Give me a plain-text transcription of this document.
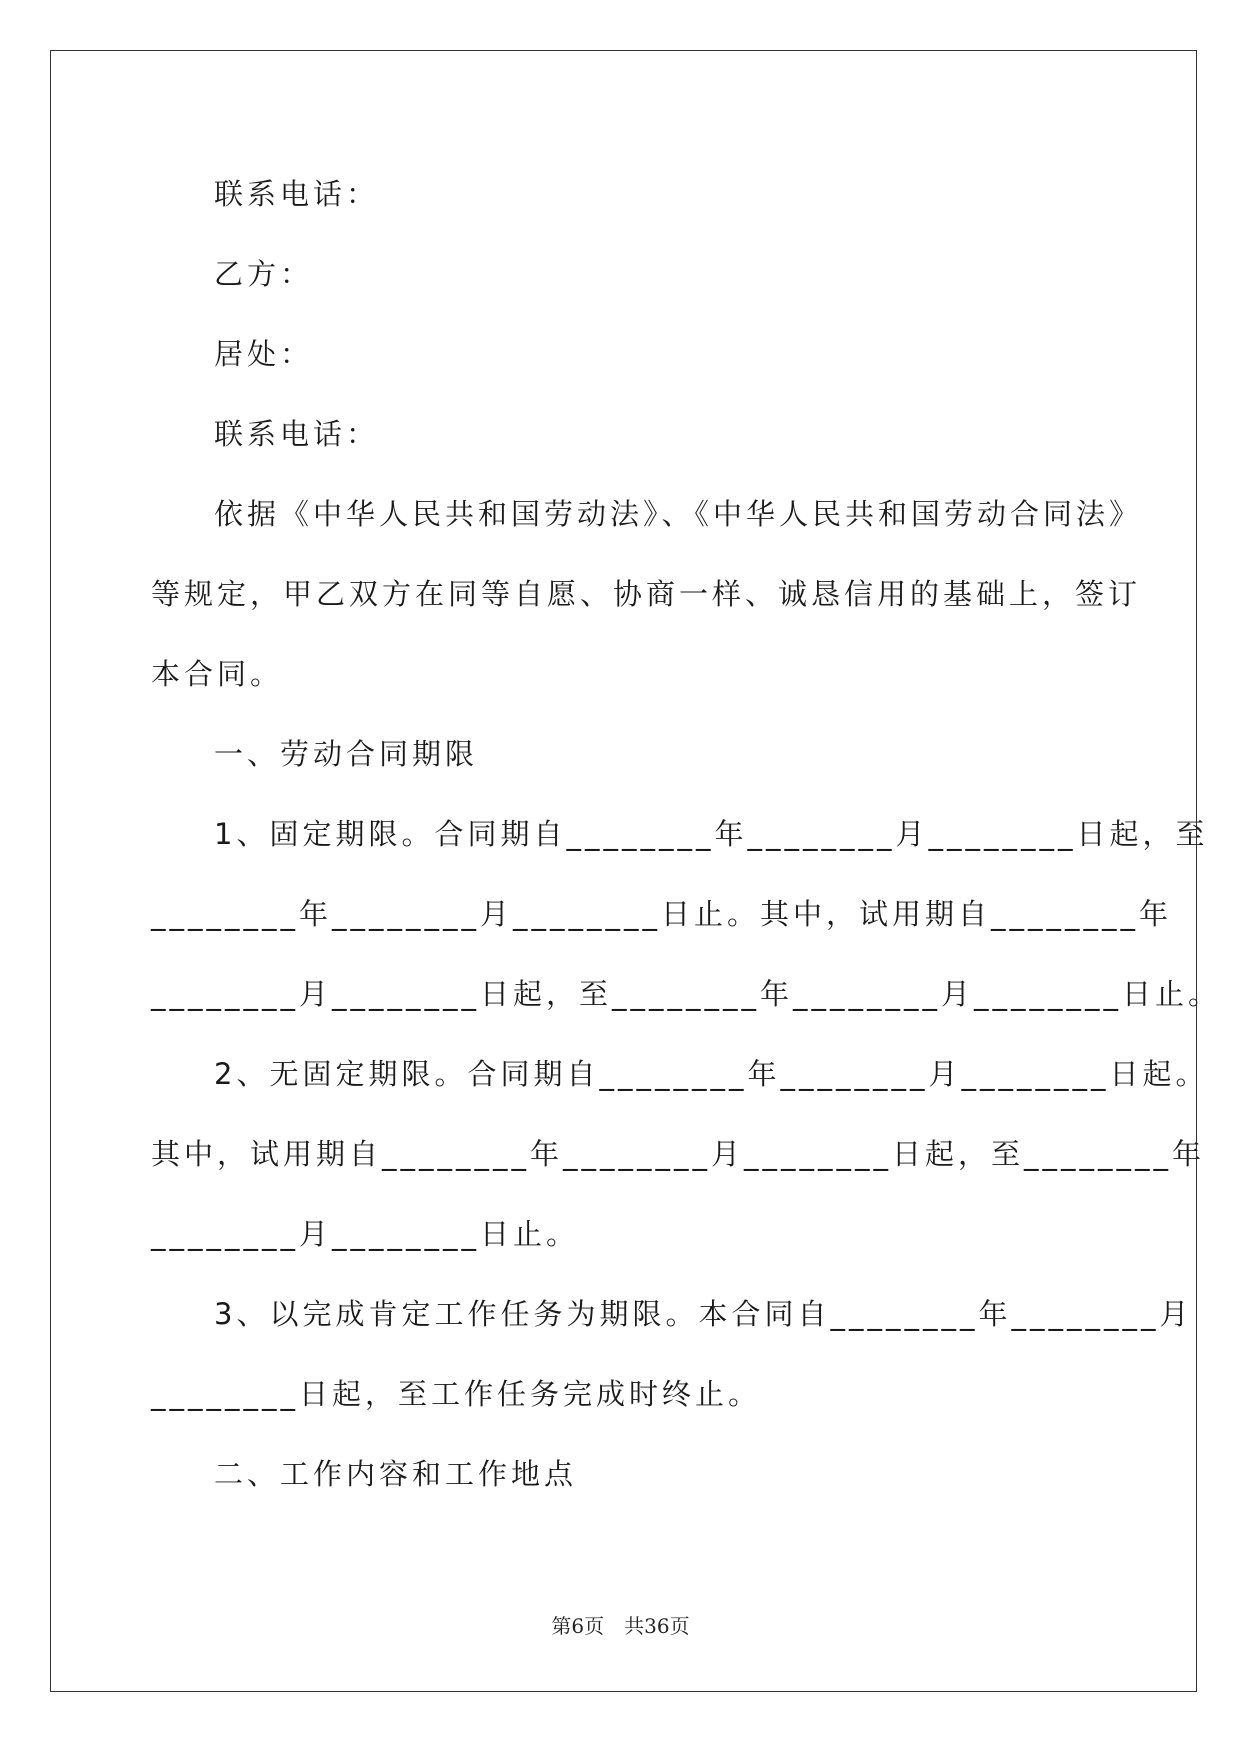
联系电话：
乙方：
居处：
联系电话：
依据《中华人民共和国劳动法》、《中华人民共和国劳动合同法》
等规定，甲乙双方在同等自愿、协商一样、诚恳信用的基础上，签订
本合同。
一、劳动合同期限
1、固定期限。合同期自________年________月________日起，至
________年________月________日止。其中，试用期自________年
________月________日起，至________年________月________日止。
2、无固定期限。合同期自________年________月________日起。
其中，试用期自________年________月________日起，至________年
________月________日止。
3、以完成肯定工作任务为期限。本合同自________年________月
________日起，至工作任务完成时终止。
二、工作内容和工作地点
第6页　共36页
